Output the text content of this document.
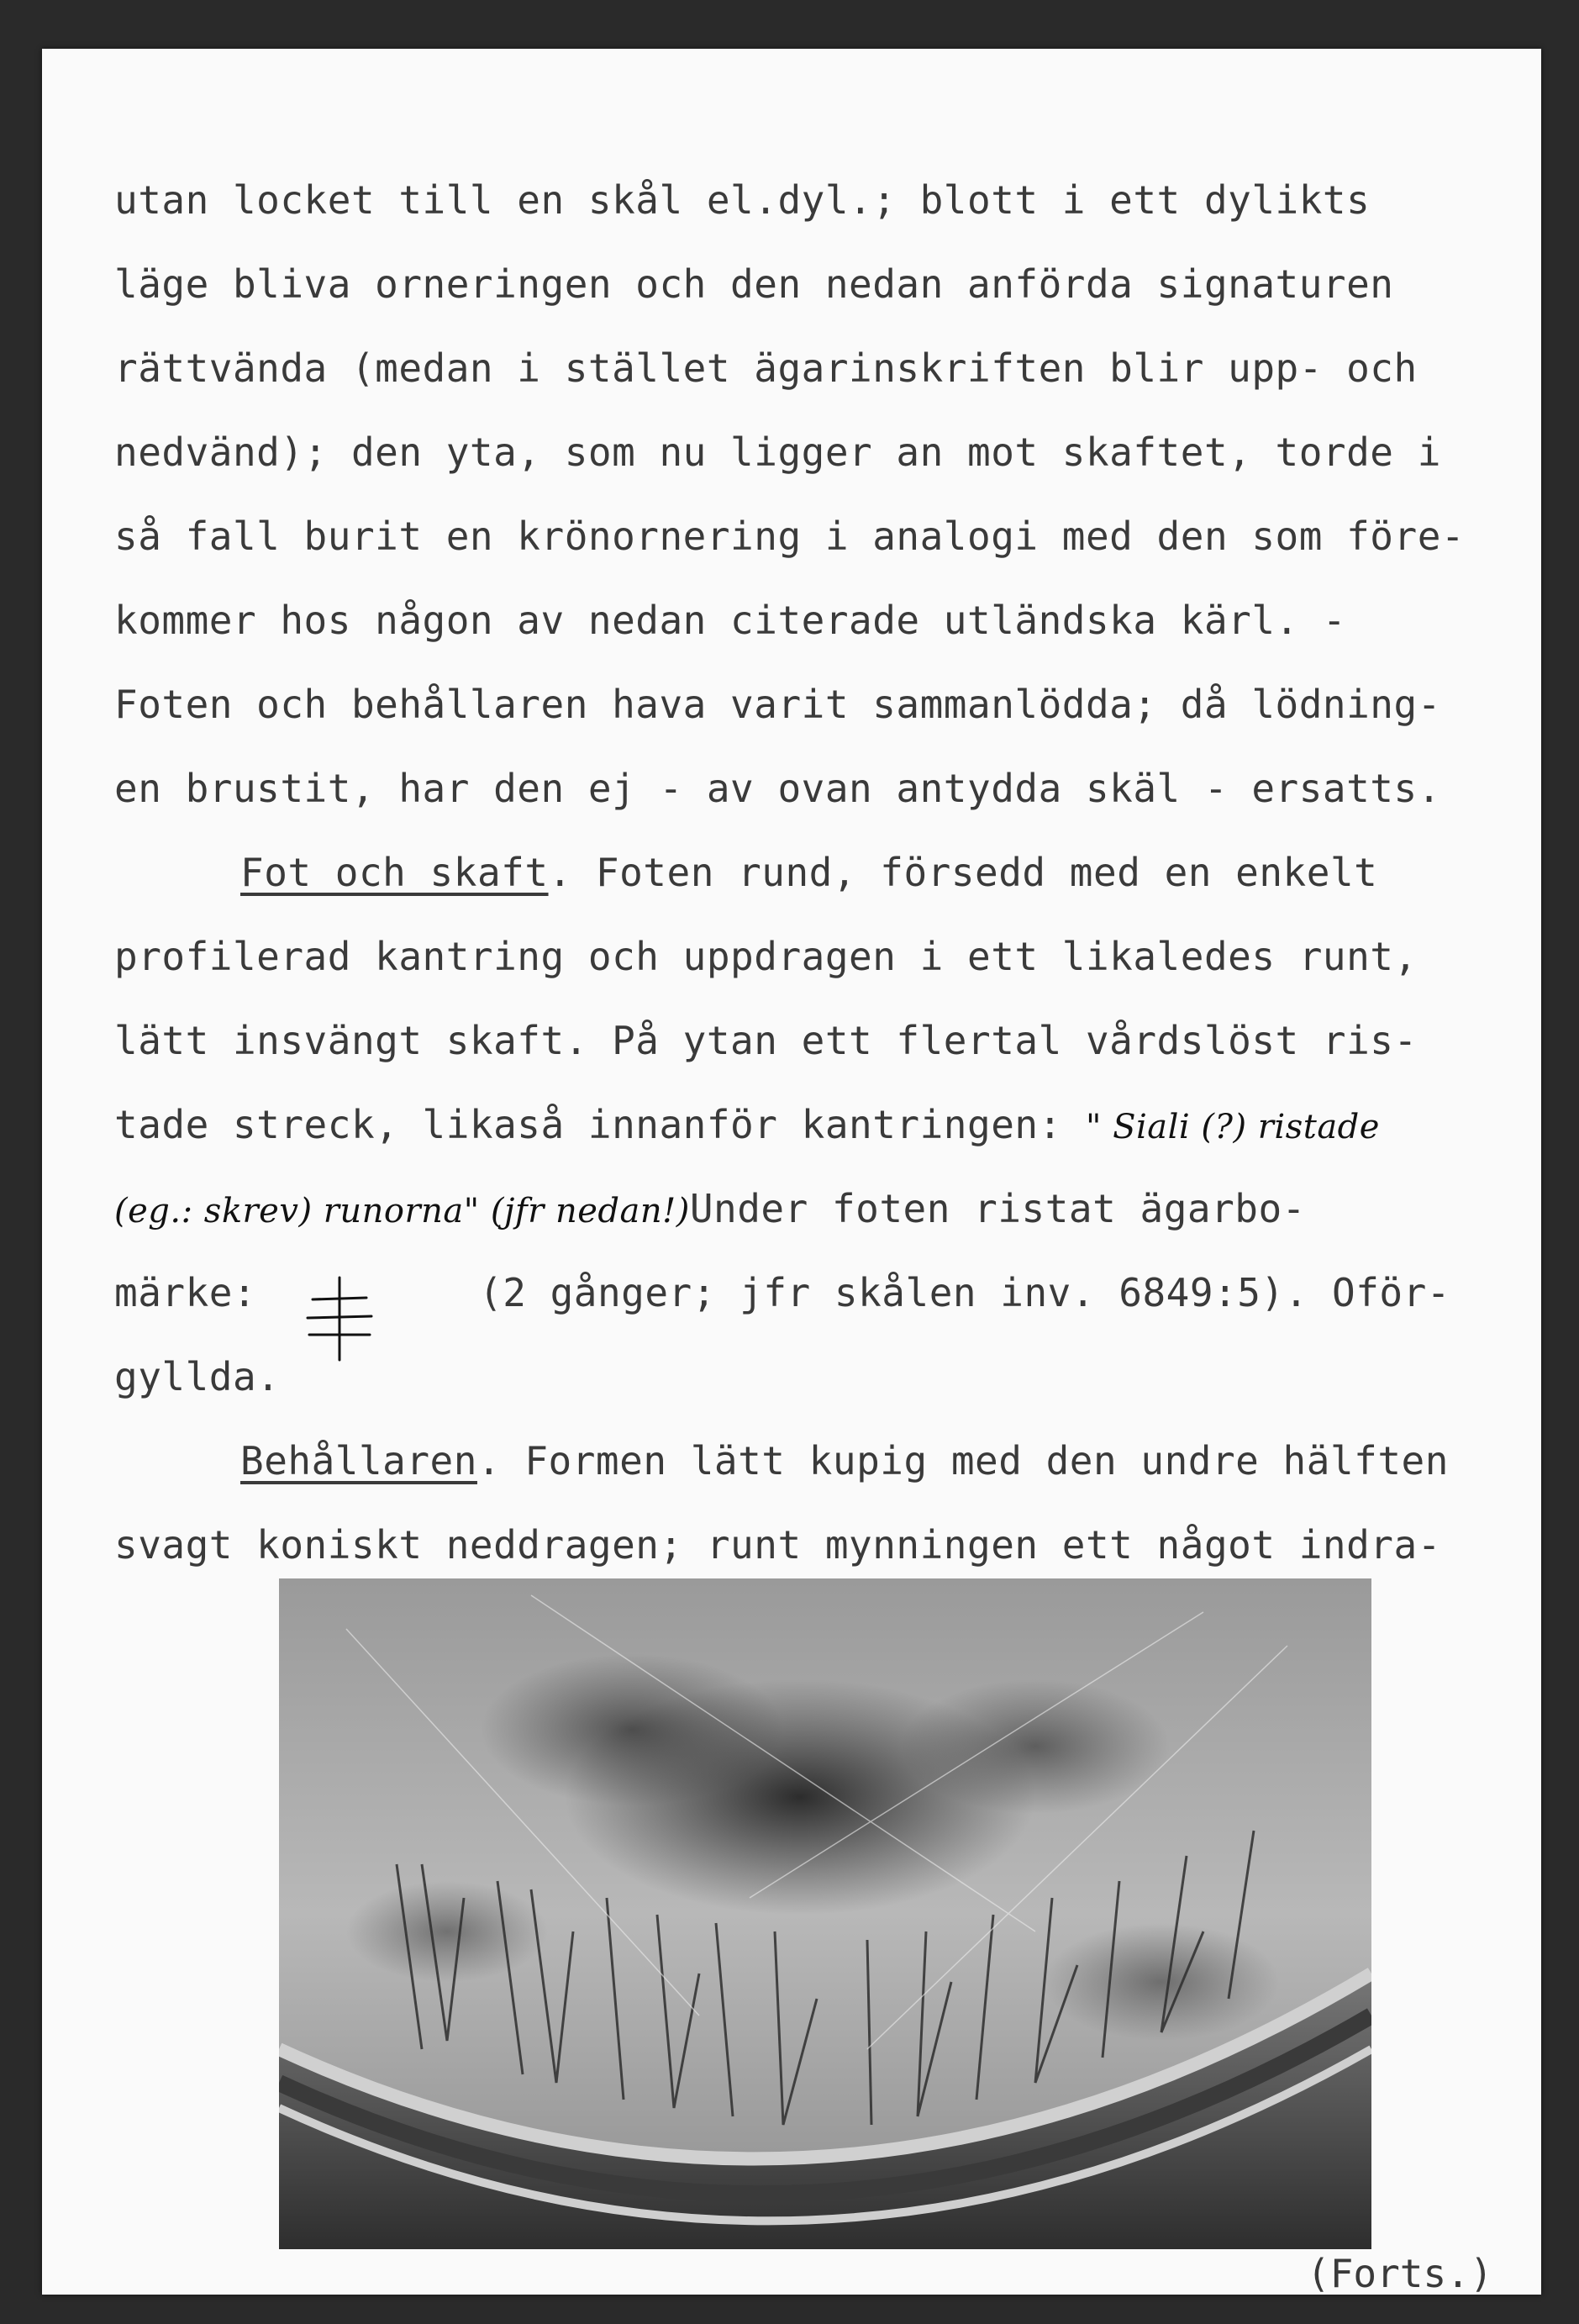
utan locket till en skål el.dyl.; blott i ett dylikts
läge bliva orneringen och den nedan anförda signaturen
rättvända (medan i stället ägarinskriften blir upp- och
nedvänd); den yta, som nu ligger an mot skaftet, torde i
så fall burit en krönornering i analogi med den som före-
kommer hos någon av nedan citerade utländska kärl. -
Foten och behållaren hava varit sammanlödda; då lödning-
en brustit, har den ej - av ovan antydda skäl - ersatts.
Fot och skaft. Foten rund, försedd med en enkelt
profilerad kantring och uppdragen i ett likaledes runt,
lätt insvängt skaft. På ytan ett flertal vårdslöst ris-
tade streck, likaså innanför kantringen: " Siali (?) ristade
(eg.: skrev) runorna" (jfr nedan!)Under foten ristat ägarbo-
märke:	(2 gånger; jfr skålen inv. 6849:5). Oför-
gyllda.
Behållaren. Formen lätt kupig med den undre hälften
svagt koniskt neddragen; runt mynningen ett något indra-
(Forts.)
